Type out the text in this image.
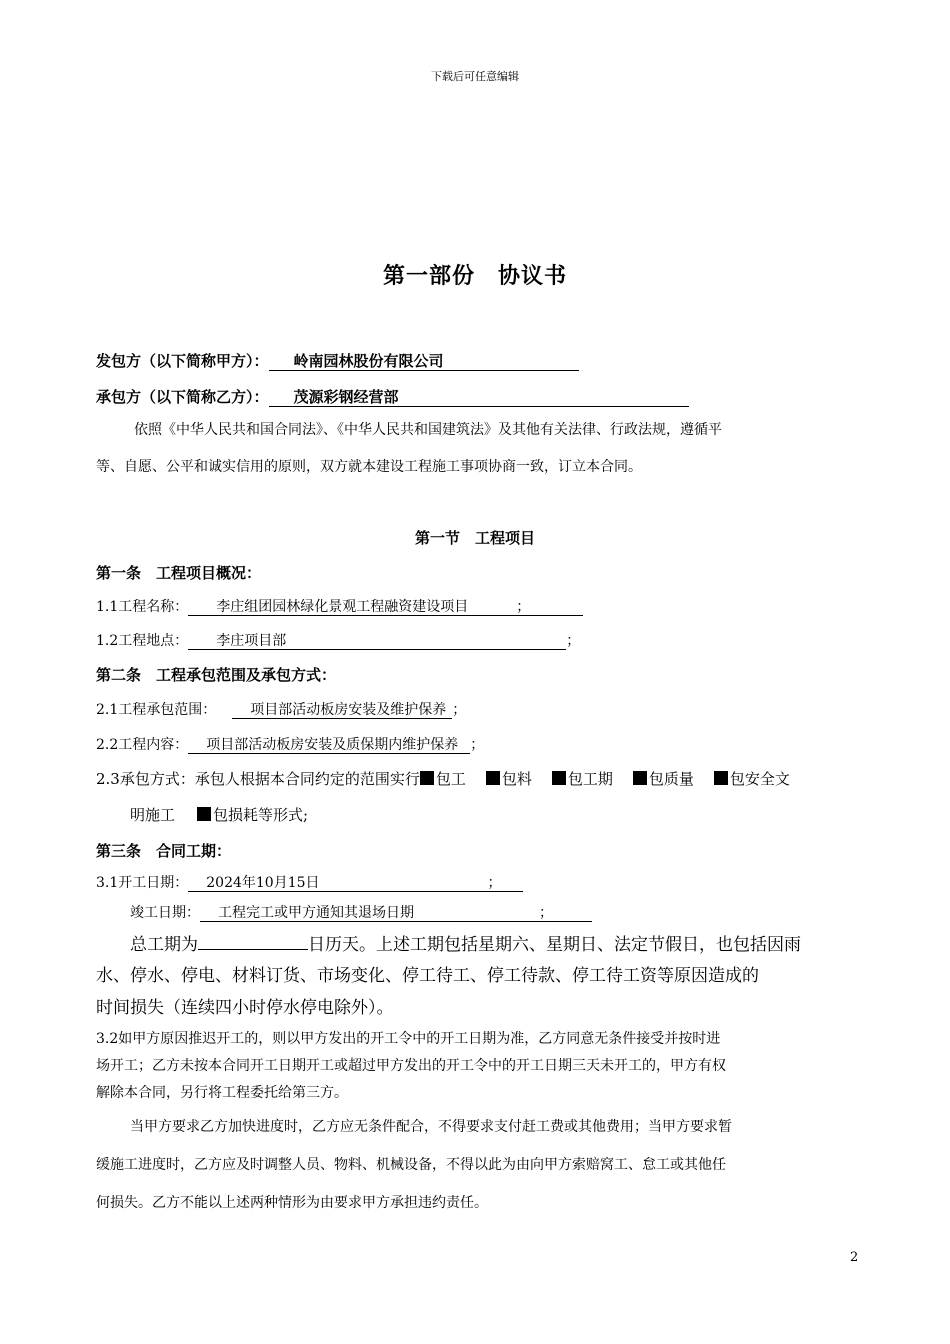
下载后可任意编辑
第一部份　协议书
发包方（以下简称甲方）： 岭南园林股份有限公司
承包方（以下简称乙方）： 茂源彩钢经营部
依照《中华人民共和国合同法》、《中华人民共和国建筑法》及其他有关法律、行政法规，遵循平
等、自愿、公平和诚实信用的原则，双方就本建设工程施工事项协商一致，订立本合同。
第一节　工程项目
第一条　工程项目概况：
1.1工程名称： 李庄组团园林绿化景观工程融资建设项目	；
1.2工程地点： 李庄项目部	；
第二条　工程承包范围及承包方式：
2.1工程承包范围： 项目部活动板房安装及维护保养 ；
2.2工程内容： 项目部活动板房安装及质保期内维护保养 ；
2.3承包方式：承包人根据本合同约定的范围实行 包工 包料 包工期 包质量 包安全文
明施工	包损耗等形式;
第三条　合同工期：
3.1开工日期： 2024年10月15日	；
竣工日期： 工程完工或甲方通知其退场日期	；
总工期为	日历天。上述工期包括星期六、星期日、法定节假日，也包括因雨
水、停水、停电、材料订货、市场变化、停工待工、停工待款、停工待工资等原因造成的
时间损失（连续四小时停水停电除外）。
3.2如甲方原因推迟开工的，则以甲方发出的开工令中的开工日期为准，乙方同意无条件接受并按时进
场开工；乙方未按本合同开工日期开工或超过甲方发出的开工令中的开工日期三天未开工的，甲方有权
解除本合同，另行将工程委托给第三方。
当甲方要求乙方加快进度时，乙方应无条件配合，不得要求支付赶工费或其他费用；当甲方要求暂
缓施工进度时，乙方应及时调整人员、物料、机械设备，不得以此为由向甲方索赔窝工、怠工或其他任
何损失。乙方不能以上述两种情形为由要求甲方承担违约责任。
2
